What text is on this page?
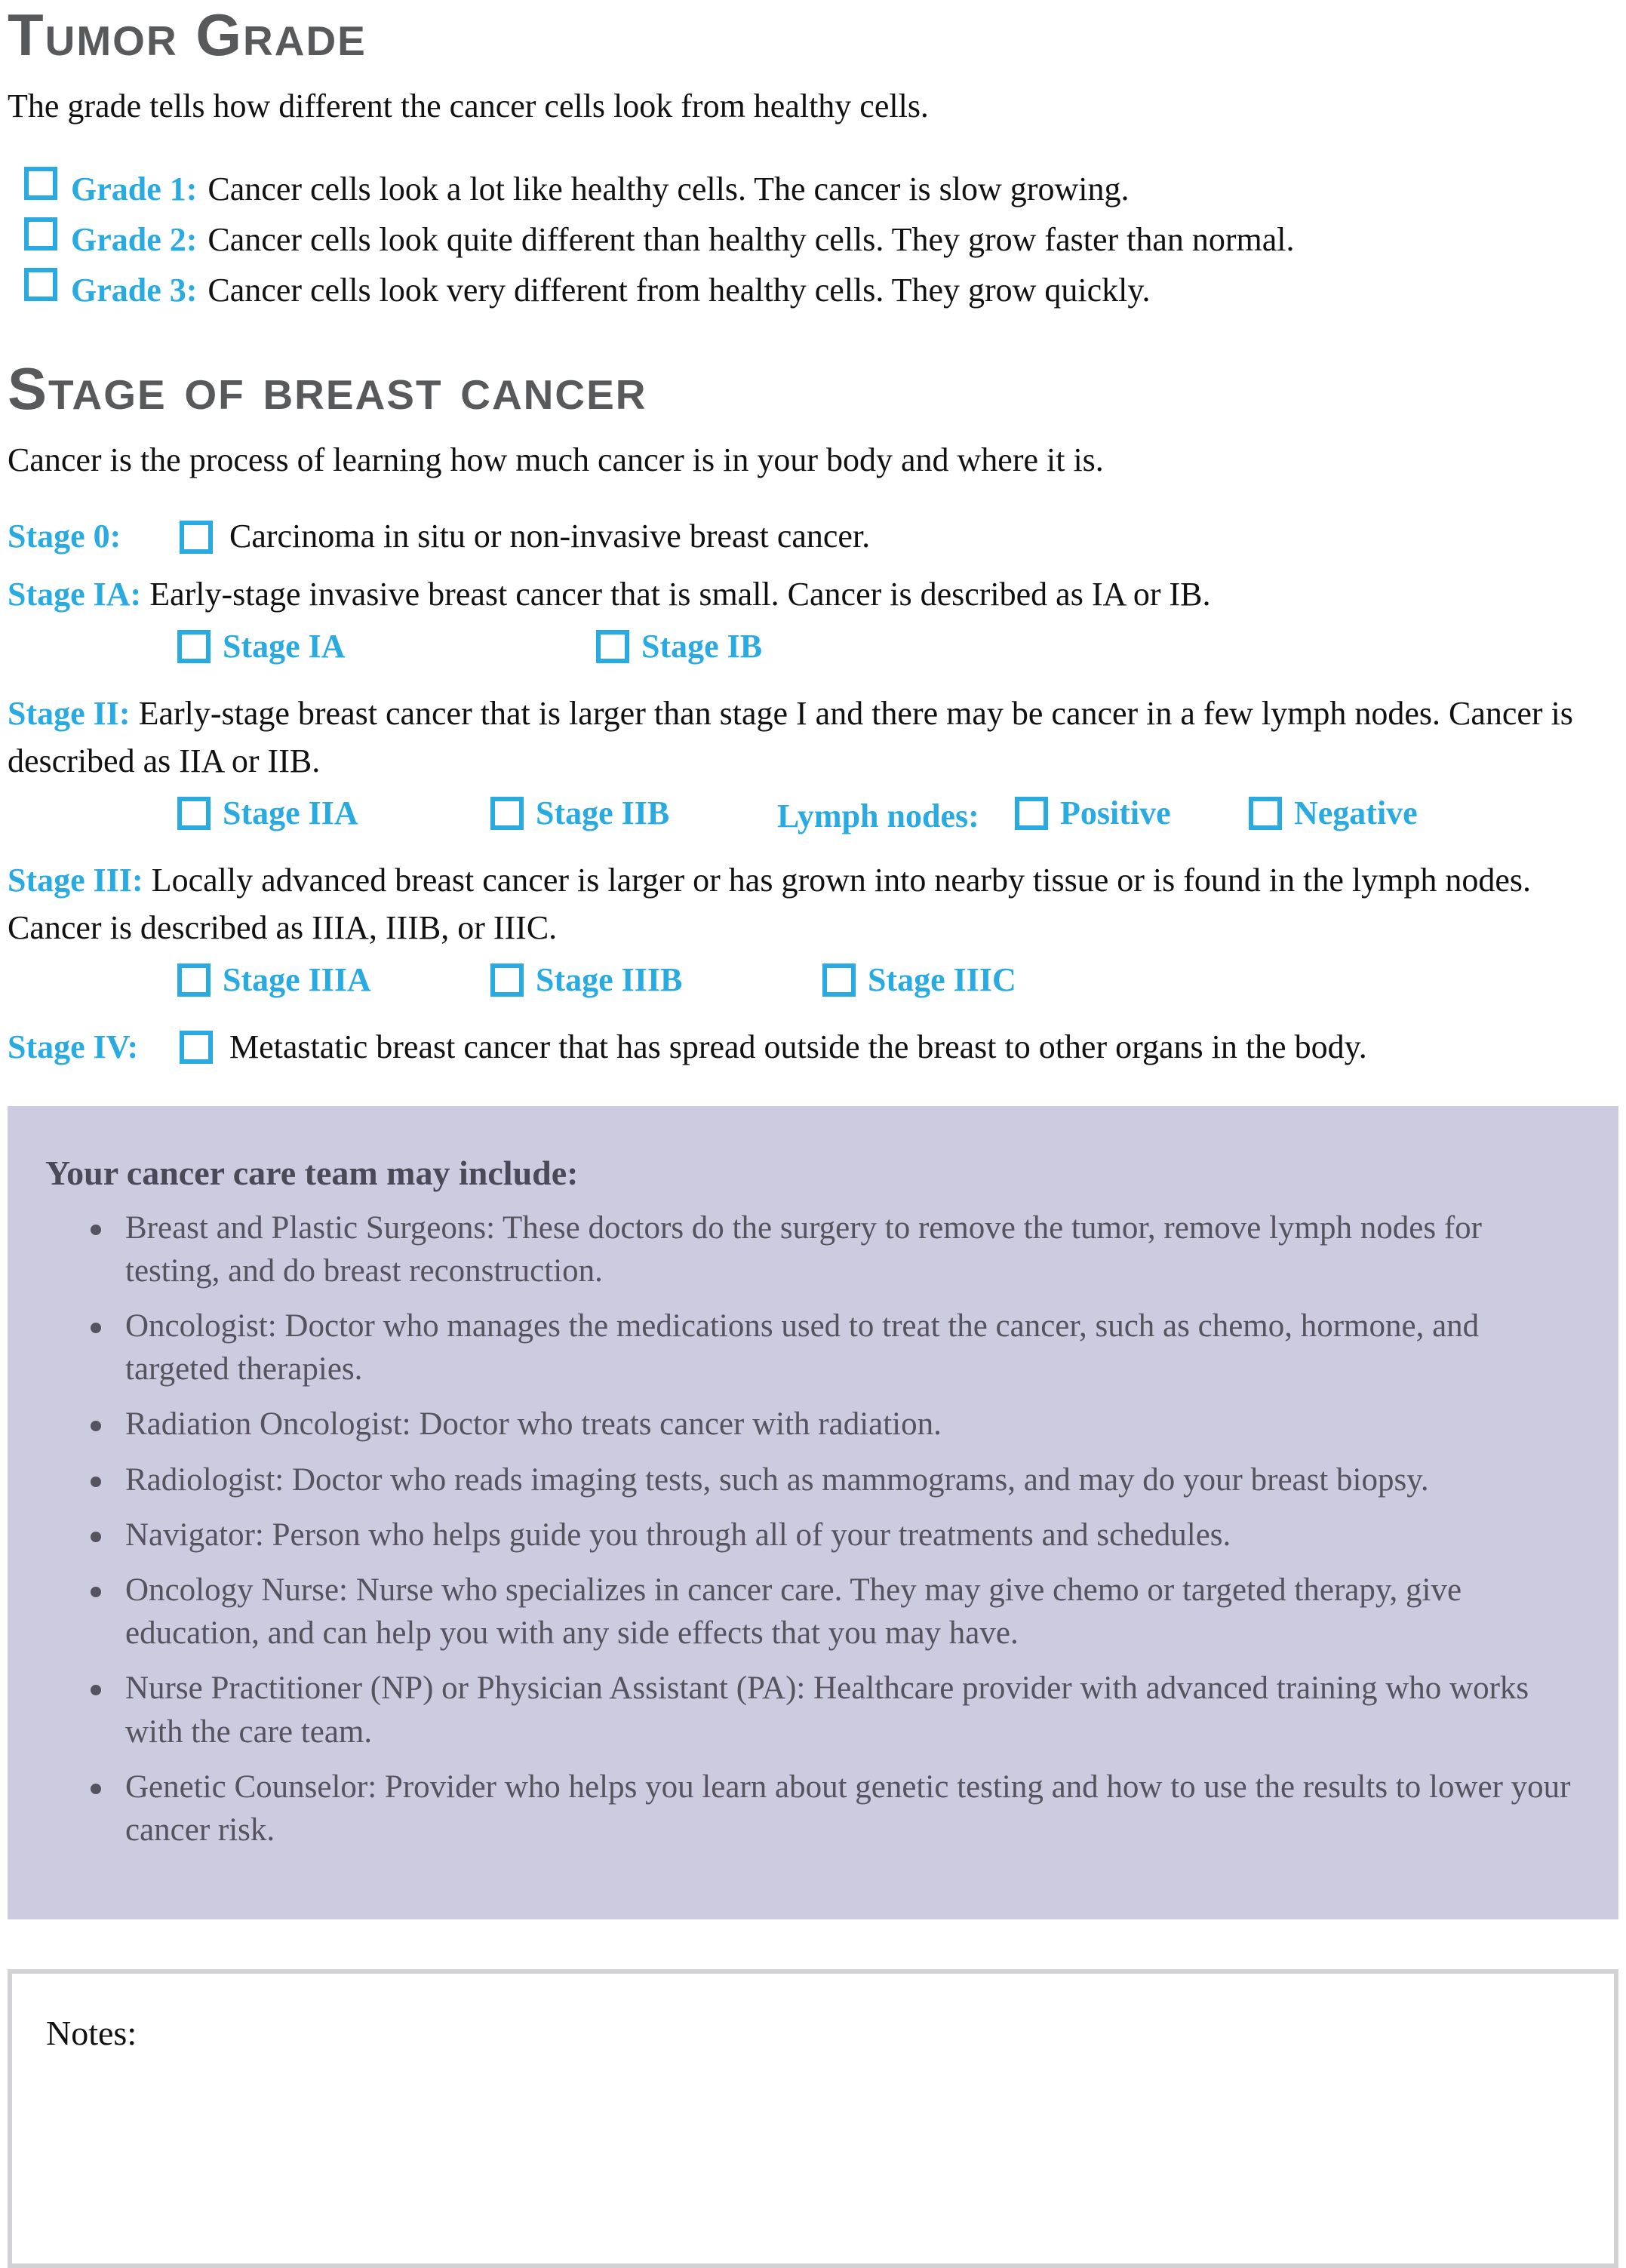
Tumor Grade

The grade tells how different the cancer cells look from healthy cells.

Grade 1: Cancer cells look a lot like healthy cells. The cancer is slow growing.
Grade 2: Cancer cells look quite different than healthy cells. They grow faster than normal.
Grade 3: Cancer cells look very different from healthy cells. They grow quickly.
Stage of breast cancer

Cancer is the process of learning how much cancer is in your body and where it is.

Stage 0:	Carcinoma in situ or non-invasive breast cancer.

Stage IA: Early-stage invasive breast cancer that is small. Cancer is described as IA or IB.

Stage IA	Stage IB

Stage II: Early-stage breast cancer that is larger than stage I and there may be cancer in a few lymph nodes. Cancer is described as IIA or IIB.

Stage IIA	Stage IIB	Lymph nodes: Positive	Negative

Stage III: Locally advanced breast cancer is larger or has grown into nearby tissue or is found in the lymph nodes. Cancer is described as IIIA, IIIB, or IIIC.

Stage IIIA	Stage IIIB	Stage IIIC
Stage IV:	Metastatic breast cancer that has spread outside the breast to other organs in the body.

Your cancer care team may include:

Breast and Plastic Surgeons: These doctors do the surgery to remove the tumor, remove lymph nodes for testing, and do breast reconstruction.
Oncologist: Doctor who manages the medications used to treat the cancer, such as chemo, hormone, and targeted therapies.
Radiation Oncologist: Doctor who treats cancer with radiation.
Radiologist: Doctor who reads imaging tests, such as mammograms, and may do your breast biopsy.
Navigator: Person who helps guide you through all of your treatments and schedules.
Oncology Nurse: Nurse who specializes in cancer care. They may give chemo or targeted therapy, give education, and can help you with any side effects that you may have.
Nurse Practitioner (NP) or Physician Assistant (PA): Healthcare provider with advanced training who works with the care team.
Genetic Counselor: Provider who helps you learn about genetic testing and how to use the results to lower your cancer risk.
Notes:
